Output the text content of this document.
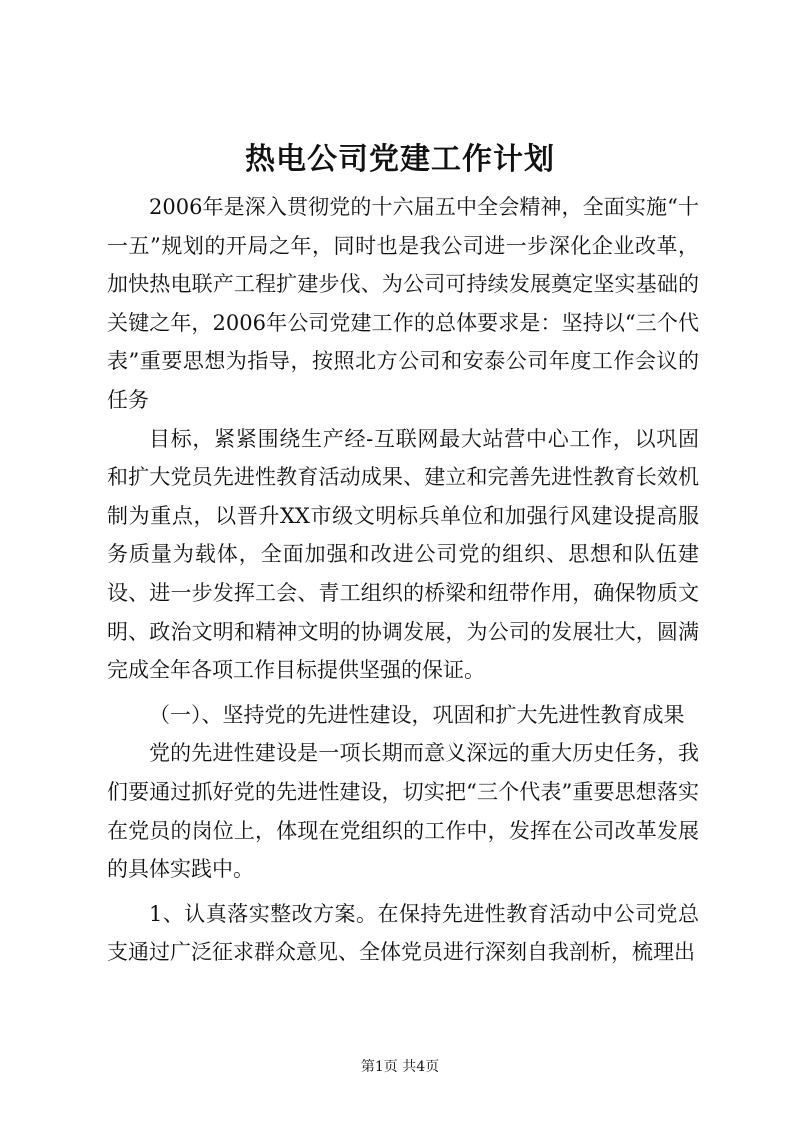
热电公司党建工作计划

2006年是深入贯彻党的十六届五中全会精神，全面实施“十一五”规划的开局之年，同时也是我公司进一步深化企业改革，加快热电联产工程扩建步伐、为公司可持续发展奠定坚实基础的关键之年，2006年公司党建工作的总体要求是：坚持以“三个代表”重要思想为指导，按照北方公司和安泰公司年度工作会议的任务

目标，紧紧围绕生产经-互联网最大站营中心工作，以巩固和扩大党员先进性教育活动成果、建立和完善先进性教育长效机制为重点，以晋升XX市级文明标兵单位和加强行风建设提高服务质量为载体，全面加强和改进公司党的组织、思想和队伍建设、进一步发挥工会、青工组织的桥梁和纽带作用，确保物质文明、政治文明和精神文明的协调发展，为公司的发展壮大，圆满完成全年各项工作目标提供坚强的保证。

（一）、坚持党的先进性建设，巩固和扩大先进性教育成果

党的先进性建设是一项长期而意义深远的重大历史任务，我们要通过抓好党的先进性建设，切实把“三个代表”重要思想落实在党员的岗位上，体现在党组织的工作中，发挥在公司改革发展的具体实践中。

1、认真落实整改方案。在保持先进性教育活动中公司党总支通过广泛征求群众意见、全体党员进行深刻自我剖析，梳理出

第1页 共4页
